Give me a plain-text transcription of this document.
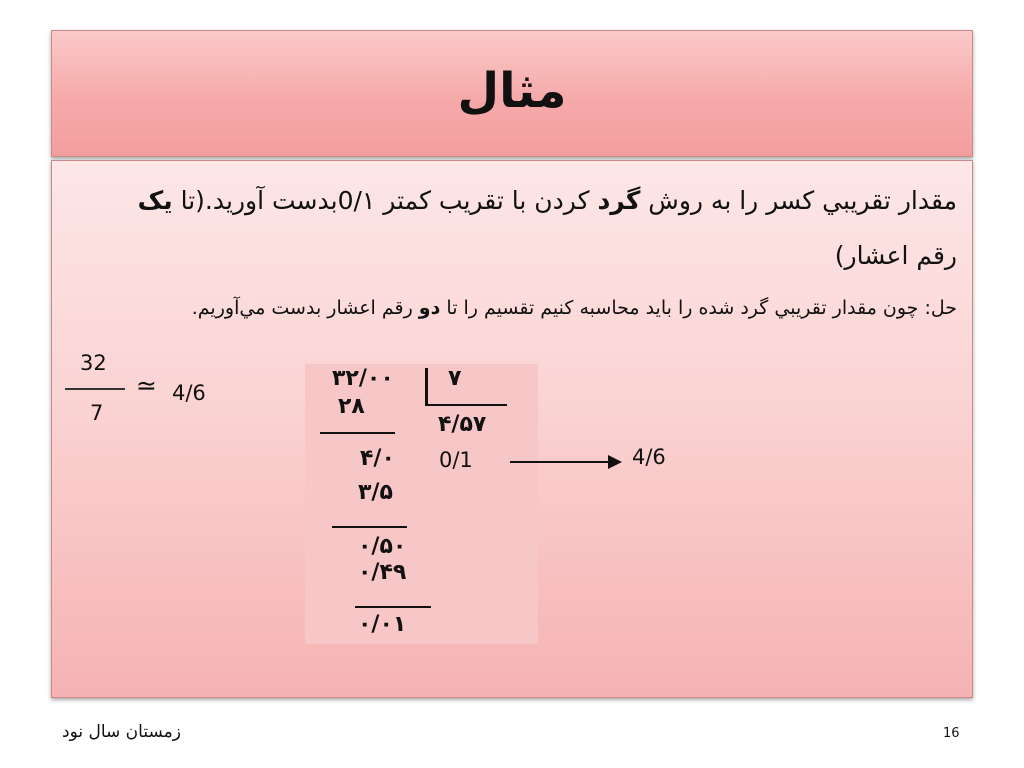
مثال
مقدار تقريبي كسر را به روش گرد كردن با تقريب كمتر 0/١بدست آوريد.(تا يک رقم اعشار)
حل: چون مقدار تقريبي گرد شده را بايد محاسبه كنيم تقسيم را تا دو رقم اعشار بدست مي‌آوريم.
32
7
≃ 4/6
۳۲/۰۰ ۷
۲۸
۴/۵۷
۴/۰
۳/۵
۰/۵۰
۰/۴۹
۰/۰۱
0/1	4/6
زمستان سال نود	16
